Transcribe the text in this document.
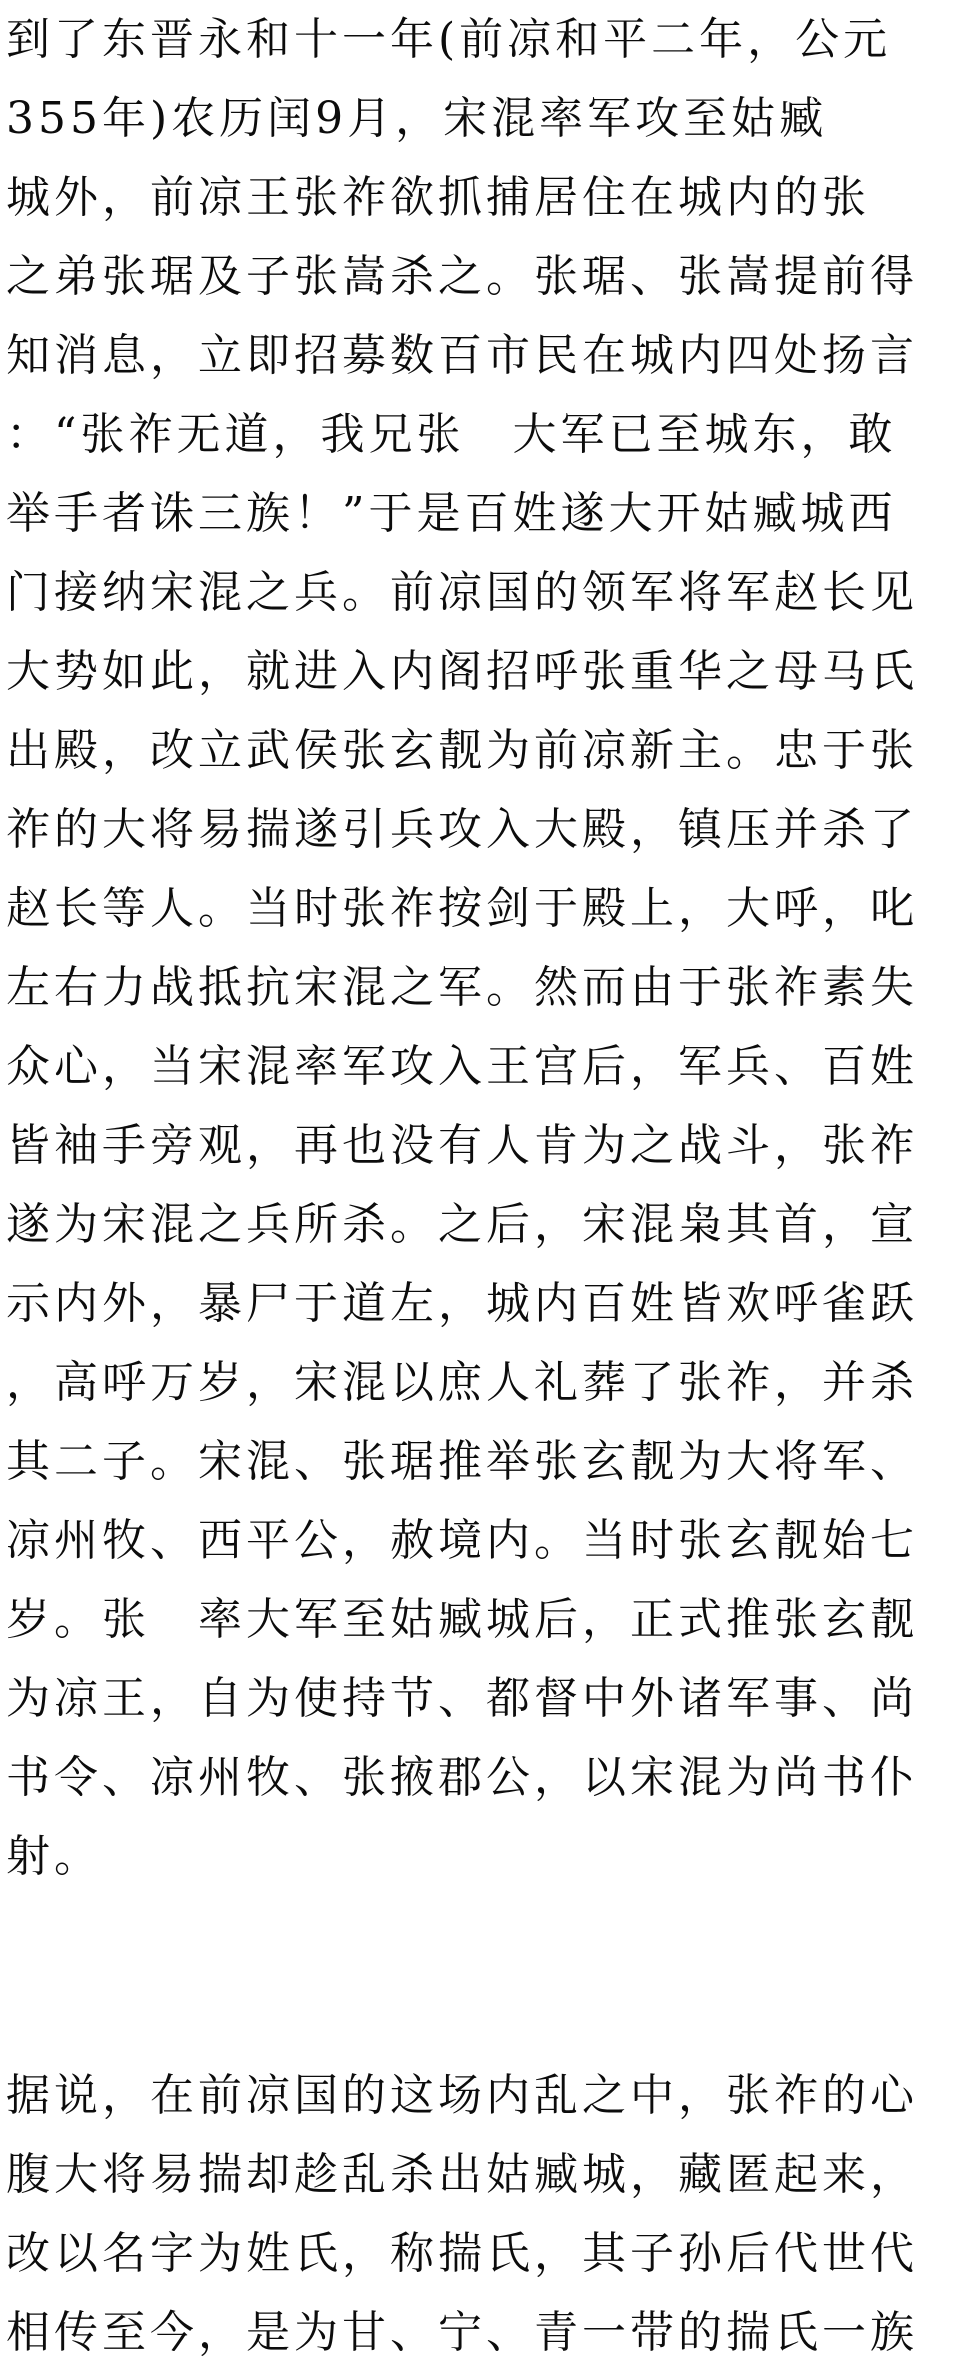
到了东晋永和十一年(前凉和平二年，公元
355年)农历闰9月，宋混率军攻至姑臧
城外，前凉王张祚欲抓捕居住在城内的张
之弟张琚及子张嵩杀之。张琚、张嵩提前得
知消息，立即招募数百市民在城内四处扬言
：“张祚无道，我兄张　大军已至城东，敢
举手者诛三族！”于是百姓遂大开姑臧城西
门接纳宋混之兵。前凉国的领军将军赵长见
大势如此，就进入内阁招呼张重华之母马氏
出殿，改立武侯张玄靓为前凉新主。忠于张
祚的大将易揣遂引兵攻入大殿，镇压并杀了
赵长等人。当时张祚按剑于殿上，大呼，叱
左右力战抵抗宋混之军。然而由于张祚素失
众心，当宋混率军攻入王宫后，军兵、百姓
皆袖手旁观，再也没有人肯为之战斗，张祚
遂为宋混之兵所杀。之后，宋混枭其首，宣
示内外，暴尸于道左，城内百姓皆欢呼雀跃
，高呼万岁，宋混以庶人礼葬了张祚，并杀
其二子。宋混、张琚推举张玄靓为大将军、
凉州牧、西平公，赦境内。当时张玄靓始七
岁。张　率大军至姑臧城后，正式推张玄靓
为凉王，自为使持节、都督中外诸军事、尚
书令、凉州牧、张掖郡公，以宋混为尚书仆
射。
据说，在前凉国的这场内乱之中，张祚的心
腹大将易揣却趁乱杀出姑臧城，藏匿起来，
改以名字为姓氏，称揣氏，其子孙后代世代
相传至今，是为甘、宁、青一带的揣氏一族
